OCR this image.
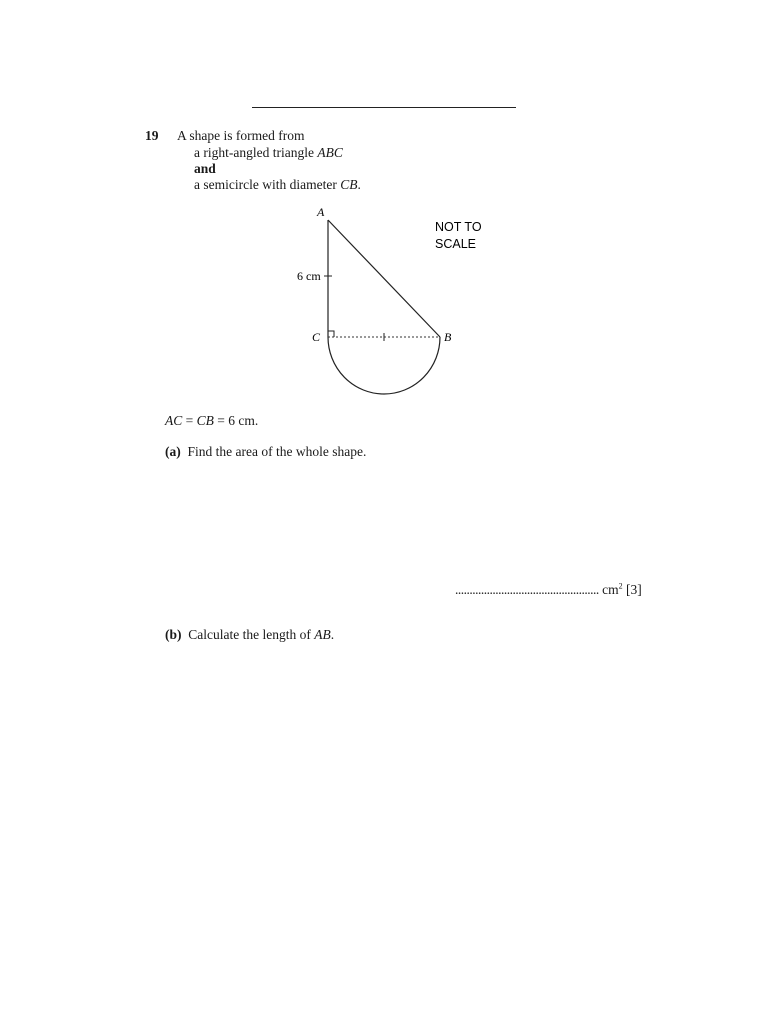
19 A shape is formed from
a right-angled triangle ABC
and
a semicircle with diameter CB.
A
C	B
6 cm
NOT TO
SCALE
AC = CB = 6 cm.
(a) Find the area of the whole shape.
.................................................. $cm^2$ [3]
(b) Calculate the length of AB.
